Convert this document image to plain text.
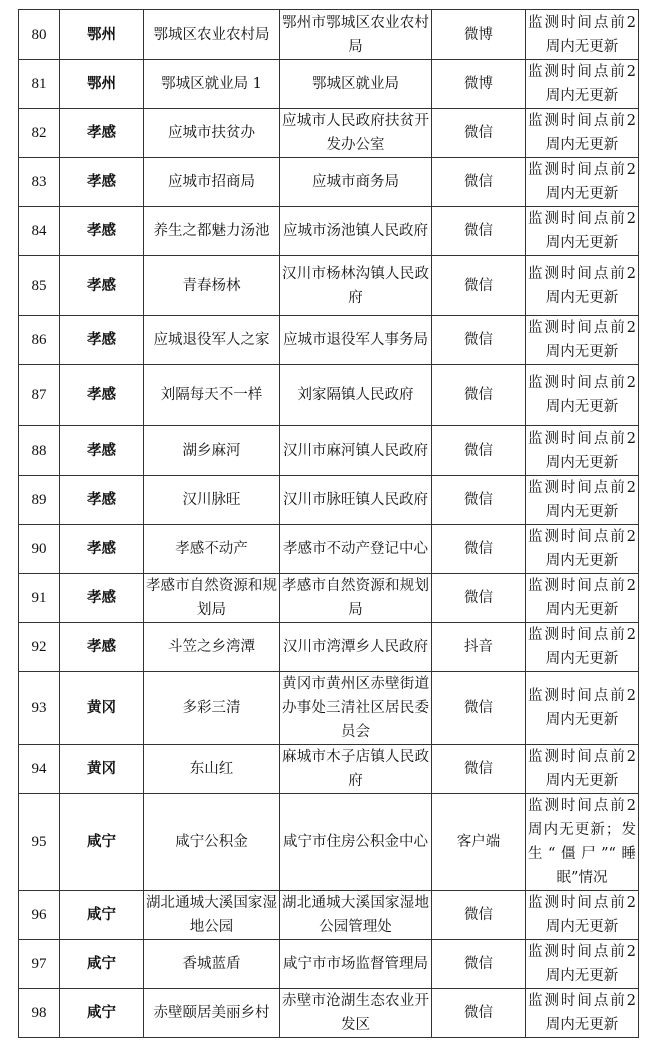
80	鄂州	鄂城区农业农村局	鄂州市鄂城区农业农村局	微博	监测时间点前2周内无更新
81	鄂州	鄂城区就业局 1	鄂城区就业局	微博	监测时间点前2周内无更新
82	孝感	应城市扶贫办	应城市人民政府扶贫开发办公室	微信	监测时间点前2周内无更新
83	孝感	应城市招商局	应城市商务局	微信	监测时间点前2周内无更新
84	孝感	养生之都魅力汤池	应城市汤池镇人民政府	微信	监测时间点前2周内无更新
85	孝感	青春杨林	汉川市杨林沟镇人民政府	微信	监测时间点前2周内无更新
86	孝感	应城退役军人之家	应城市退役军人事务局	微信	监测时间点前2周内无更新
87	孝感	刘隔每天不一样	刘家隔镇人民政府	微信	监测时间点前2周内无更新
88	孝感	湖乡麻河	汉川市麻河镇人民政府	微信	监测时间点前2周内无更新
89	孝感	汉川脉旺	汉川市脉旺镇人民政府	微信	监测时间点前2周内无更新
90	孝感	孝感不动产	孝感市不动产登记中心	微信	监测时间点前2周内无更新
91	孝感	孝感市自然资源和规划局	孝感市自然资源和规划局	微信	监测时间点前2周内无更新
92	孝感	斗笠之乡湾潭	汉川市湾潭乡人民政府	抖音	监测时间点前2周内无更新
93	黄冈	多彩三清	黄冈市黄州区赤壁街道办事处三清社区居民委员会	微信	监测时间点前2周内无更新
94	黄冈	东山红	麻城市木子店镇人民政府	微信	监测时间点前2周内无更新
95	咸宁	咸宁公积金	咸宁市住房公积金中心	客户端	监测时间点前2周内无更新；发生“僵尸”“睡眠”情况
96	咸宁	湖北通城大溪国家湿地公园	湖北通城大溪国家湿地公园管理处	微信	监测时间点前2周内无更新
97	咸宁	香城蓝盾	咸宁市市场监督管理局	微信	监测时间点前2周内无更新
98	咸宁	赤壁颐居美丽乡村	赤壁市沧湖生态农业开发区	微信	监测时间点前2周内无更新
